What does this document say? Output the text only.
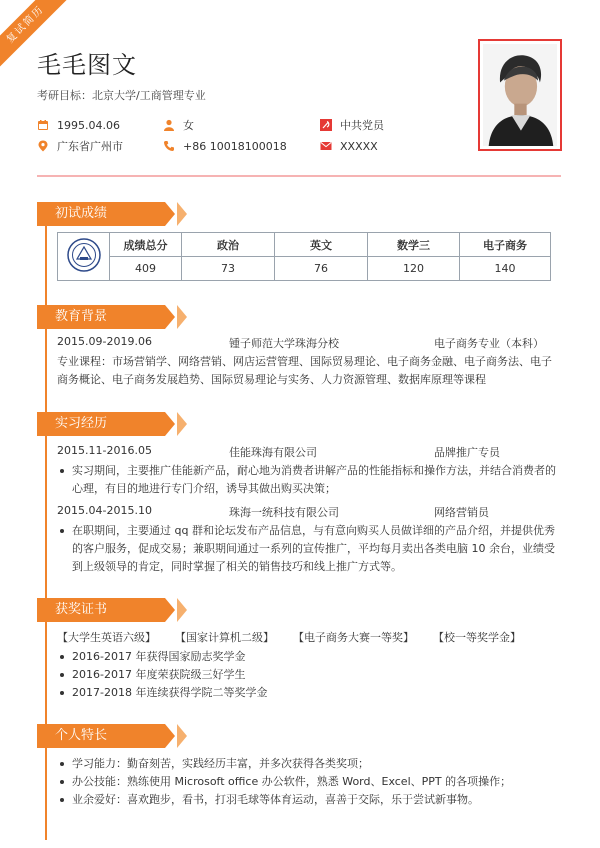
复试简历
毛毛图文
考研目标：北京大学/工商管理专业
1995.04.06	女	中共党员
广东省广州市	+86 10018100018	XXXXX
初试成绩
	成绩总分	政治	英文	数学三	电子商务
	409	73	76	120	140
教育背景
2015.09-2019.06	锺子师范大学珠海分校	电子商务专业（本科）
专业课程：市场营销学、网络营销、网店运营管理、国际贸易理论、电子商务金融、电子商务法、电子商务概论、电子商务发展趋势、国际贸易理论与实务、人力资源管理、数据库原理等课程
实习经历
2015.11-2016.05	佳能珠海有限公司	品牌推广专员
实习期间，主要推广佳能新产品，耐心地为消费者讲解产品的性能指标和操作方法，并结合消费者的心理，有目的地进行专门介绍，诱导其做出购买决策；
2015.04-2015.10	珠海一统科技有限公司	网络营销员
在职期间，主要通过 qq 群和论坛发布产品信息，与有意向购买人员做详细的产品介绍，并提供优秀的客户服务，促成交易；兼职期间通过一系列的宣传推广，平均每月卖出各类电脑 10 余台，业绩受到上级领导的肯定，同时掌握了相关的销售技巧和线上推广方式等。
获奖证书
【大学生英语六级】 【国家计算机二级】 【电子商务大赛一等奖】 【校一等奖学金】
2016-2017 年获得国家励志奖学金
2016-2017 年度荣获院级三好学生
2017-2018 年连续获得学院二等奖学金
个人特长
学习能力：勤奋刻苦，实践经历丰富，并多次获得各类奖项；
办公技能：熟练使用 Microsoft office 办公软件，熟悉 Word、Excel、PPT 的各项操作；
业余爱好：喜欢跑步，看书，打羽毛球等体育运动，喜善于交际，乐于尝试新事物。
